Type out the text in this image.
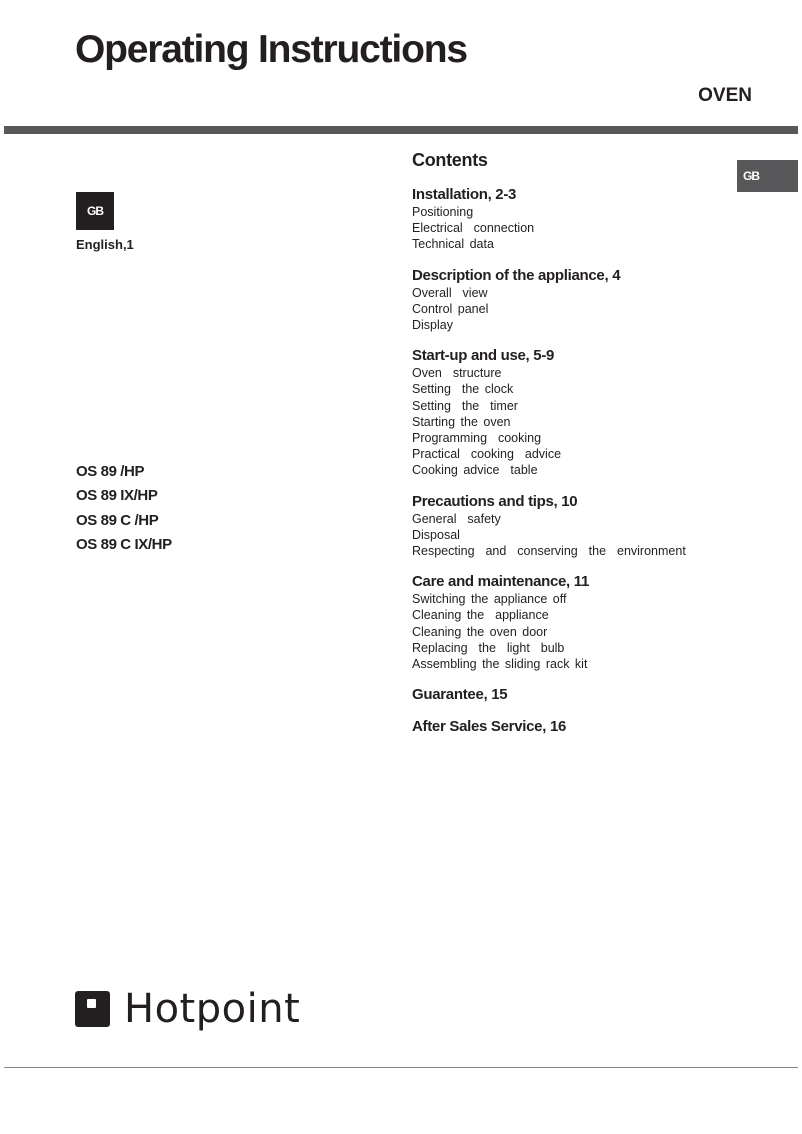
Operating Instructions
OVEN
GB
English,1
GB
OS 89 /HP
OS 89 IX/HP
OS 89 C /HP
OS 89 C IX/HP
Contents
Installation, 2-3
Positioning
Electrical  connection
Technical data
Description of the appliance, 4
Overall  view
Control panel
Display
Start-up and use, 5-9
Oven  structure
Setting  the clock
Setting  the  timer
Starting the oven
Programming  cooking
Practical  cooking  advice
Cooking advice  table
Precautions and tips, 10
General  safety
Disposal
Respecting  and  conserving  the  environment
Care and maintenance, 11
Switching the appliance off
Cleaning the  appliance
Cleaning the oven door
Replacing  the  light  bulb
Assembling the sliding rack kit
Guarantee, 15
After Sales Service, 16
Hotpoint
